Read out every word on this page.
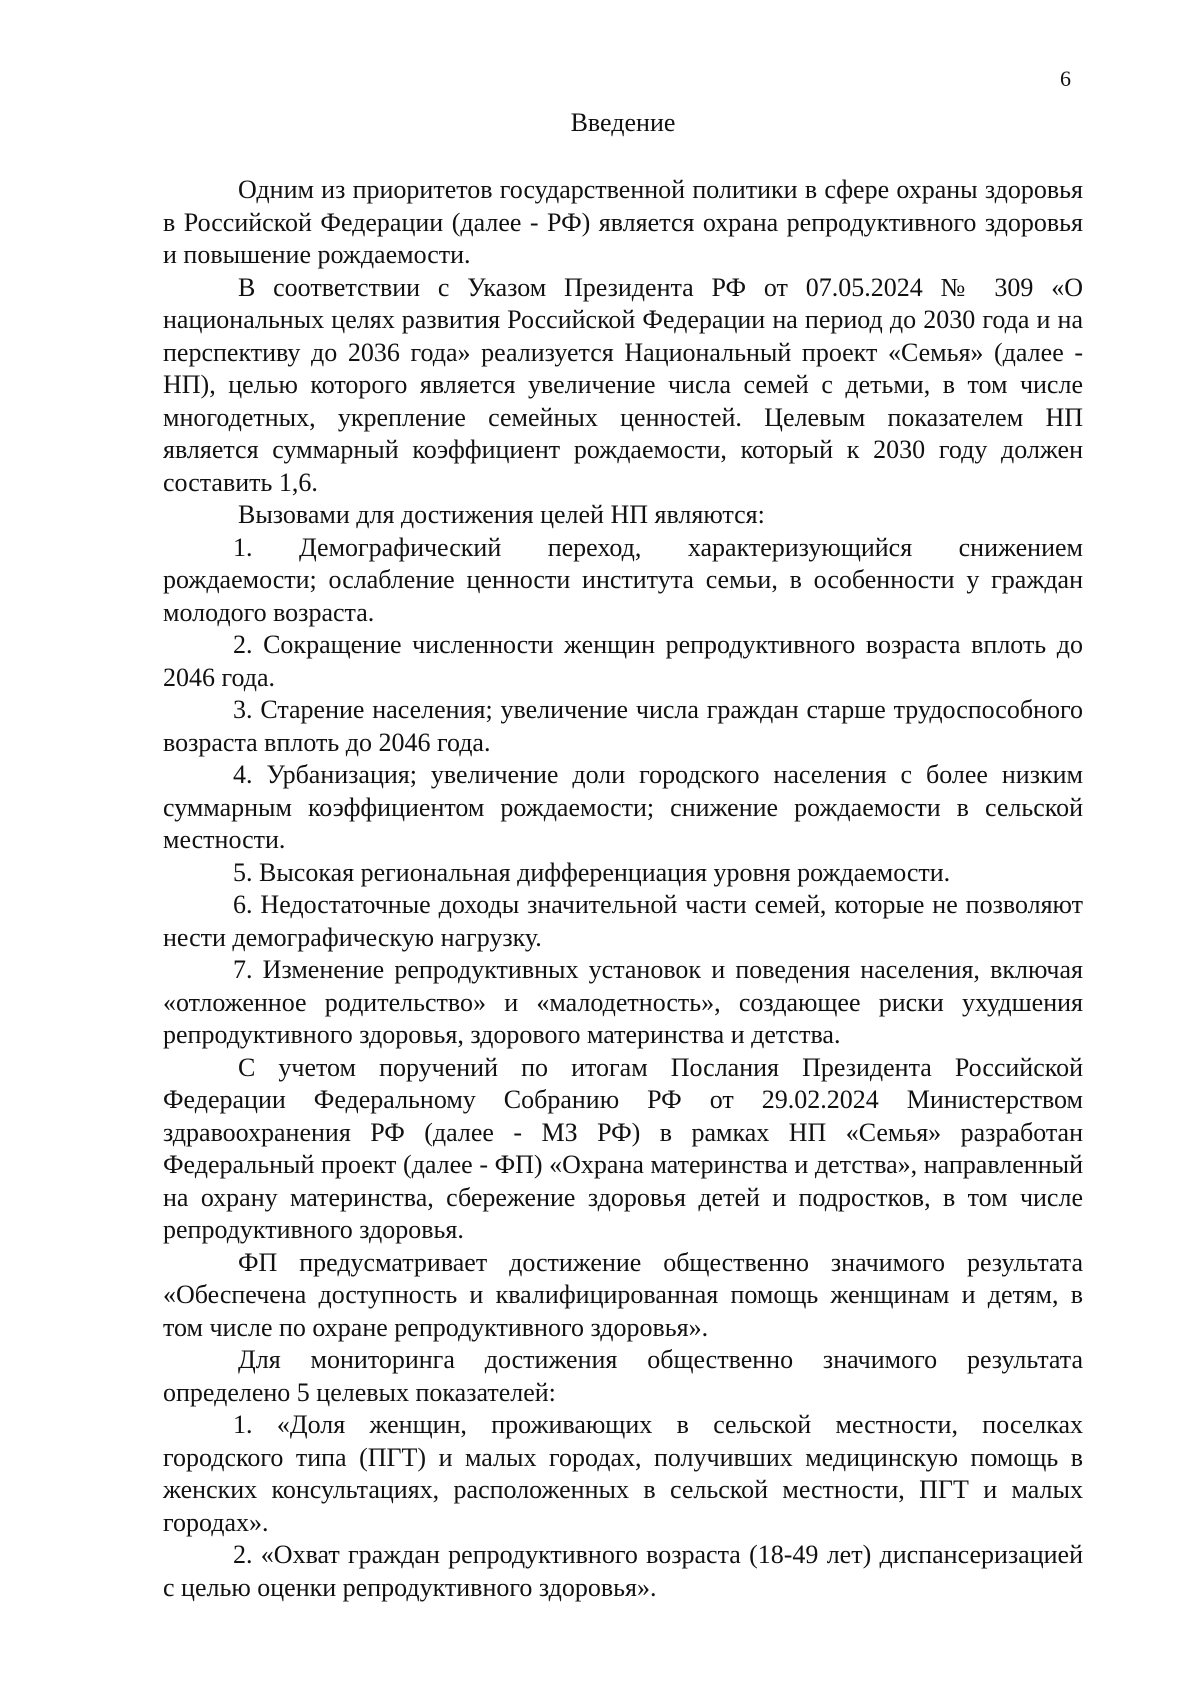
6
Введение

Одним из приоритетов государственной политики в сфере охраны здоровья в Российской Федерации (далее - РФ) является охрана репродуктивного здоровья и повышение рождаемости.

В соответствии с Указом Президента РФ от 07.05.2024 № 309 «О национальных целях развития Российской Федерации на период до 2030 года и на перспективу до 2036 года» реализуется Национальный проект «Семья» (далее - НП), целью которого является увеличение числа семей с детьми, в том числе многодетных, укрепление семейных ценностей. Целевым показателем НП является суммарный коэффициент рождаемости, который к 2030 году должен составить 1,6.

Вызовами для достижения целей НП являются:

1. Демографический переход, характеризующийся снижением рождаемости; ослабление ценности института семьи, в особенности у граждан молодого возраста.

2. Сокращение численности женщин репродуктивного возраста вплоть до 2046 года.

3. Старение населения; увеличение числа граждан старше трудоспособного возраста вплоть до 2046 года.

4. Урбанизация; увеличение доли городского населения с более низким суммарным коэффициентом рождаемости; снижение рождаемости в сельской местности.

5. Высокая региональная дифференциация уровня рождаемости.

6. Недостаточные доходы значительной части семей, которые не позволяют нести демографическую нагрузку.

7. Изменение репродуктивных установок и поведения населения, включая «отложенное родительство» и «малодетность», создающее риски ухудшения репродуктивного здоровья, здорового материнства и детства.

С учетом поручений по итогам Послания Президента Российской Федерации Федеральному Собранию РФ от 29.02.2024 Министерством здравоохранения РФ (далее - МЗ РФ) в рамках НП «Семья» разработан Федеральный проект (далее - ФП) «Охрана материнства и детства», направленный на охрану материнства, сбережение здоровья детей и подростков, в том числе репродуктивного здоровья.

ФП предусматривает достижение общественно значимого результата «Обеспечена доступность и квалифицированная помощь женщинам и детям, в том числе по охране репродуктивного здоровья».

Для мониторинга достижения общественно значимого результата определено 5 целевых показателей:

1. «Доля женщин, проживающих в сельской местности, поселках городского типа (ПГТ) и малых городах, получивших медицинскую помощь в женских консультациях, расположенных в сельской местности, ПГТ и малых городах».

2. «Охват граждан репродуктивного возраста (18-49 лет) диспансеризацией с целью оценки репродуктивного здоровья».
